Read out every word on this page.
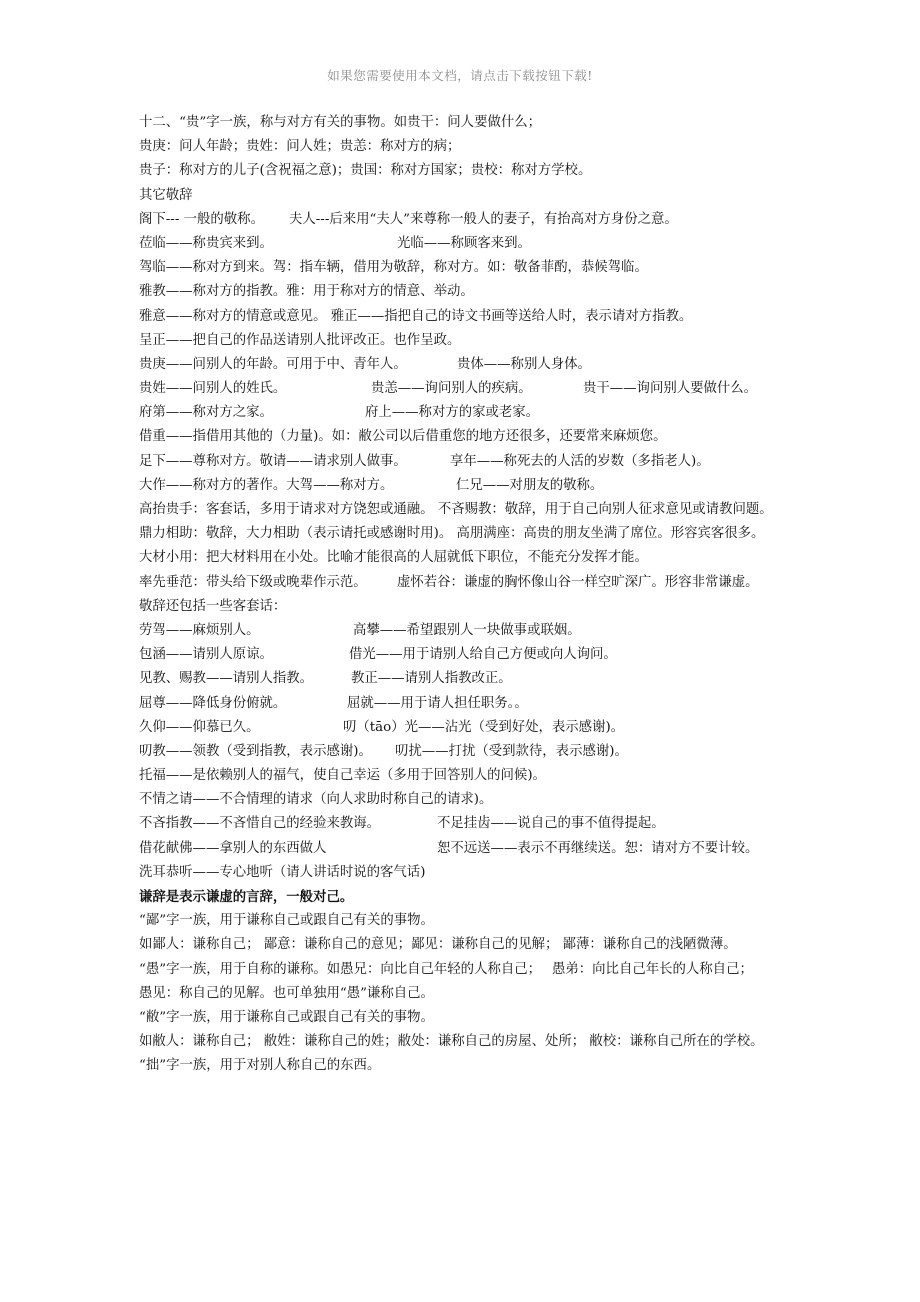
如果您需要使用本文档，请点击下载按钮下载!
十二、“贵”字一族，称与对方有关的事物。如贵干：问人要做什么；
贵庚：问人年龄；贵姓：问人姓；贵恙：称对方的病；
贵子：称对方的儿子(含祝福之意)；贵国：称对方国家；贵校：称对方学校。
其它敬辞
阁下--- 一般的敬称。 夫人---后来用“夫人”来尊称一般人的妻子，有抬高对方身份之意。
莅临——称贵宾来到。	光临——称顾客来到。
驾临——称对方到来。驾：指车辆，借用为敬辞，称对方。如：敬备菲酌，恭候驾临。
雅教——称对方的指教。雅：用于称对方的情意、举动。
雅意——称对方的情意或意见。 雅正——指把自己的诗文书画等送给人时，表示请对方指教。
呈正——把自己的作品送请别人批评改正。也作呈政。
贵庚——问别人的年龄。可用于中、青年人。	贵体——称别人身体。
贵姓——问别人的姓氏。	贵恙——询问别人的疾病。	贵干——询问别人要做什么。
府第——称对方之家。	府上——称对方的家或老家。
借重——指借用其他的（力量)。如：敝公司以后借重您的地方还很多，还要常来麻烦您。
足下——尊称对方。敬请——请求别人做事。	享年——称死去的人活的岁数（多指老人)。
大作——称对方的著作。大驾——称对方。	仁兄——对朋友的敬称。
高抬贵手：客套话，多用于请求对方饶恕或通融。 不吝赐教：敬辞，用于自己向别人征求意见或请教问题。
鼎力相助：敬辞，大力相助（表示请托或感谢时用)。 高朋满座：高贵的朋友坐满了席位。形容宾客很多。
大材小用：把大材料用在小处。比喻才能很高的人屈就低下职位，不能充分发挥才能。
率先垂范：带头给下级或晚辈作示范。 虚怀若谷：谦虚的胸怀像山谷一样空旷深广。形容非常谦虚。
敬辞还包括一些客套话：
劳驾——麻烦别人。	高攀——希望跟别人一块做事或联姻。
包涵——请别人原谅。	借光——用于请别人给自己方便或向人询问。
见教、赐教——请别人指教。	教正——请别人指教改正。
屈尊——降低身份俯就。	屈就——用于请人担任职务。。
久仰——仰慕已久。	叨（tāo）光——沾光（受到好处，表示感谢)。
叨教——领教（受到指教，表示感谢)。 叨扰——打扰（受到款待，表示感谢)。
托福——是依赖别人的福气，使自己幸运（多用于回答别人的问候)。
不情之请——不合情理的请求（向人求助时称自己的请求)。
不吝指教——不吝惜自己的经验来教诲。	不足挂齿——说自己的事不值得提起。
借花献佛——拿别人的东西做人	恕不远送——表示不再继续送。恕：请对方不要计较。
洗耳恭听——专心地听（请人讲话时说的客气话)
谦辞是表示谦虚的言辞，一般对己。
“鄙”字一族，用于谦称自己或跟自己有关的事物。
如鄙人：谦称自己； 鄙意：谦称自己的意见；鄙见：谦称自己的见解； 鄙薄：谦称自己的浅陋微薄。
“愚”字一族，用于自称的谦称。如愚兄：向比自己年轻的人称自己； 愚弟：向比自己年长的人称自己；
愚见：称自己的见解。也可单独用“愚”谦称自己。
“敝”字一族，用于谦称自己或跟自己有关的事物。
如敝人：谦称自己； 敝姓：谦称自己的姓；敝处：谦称自己的房屋、处所； 敝校：谦称自己所在的学校。
“拙”字一族，用于对别人称自己的东西。
